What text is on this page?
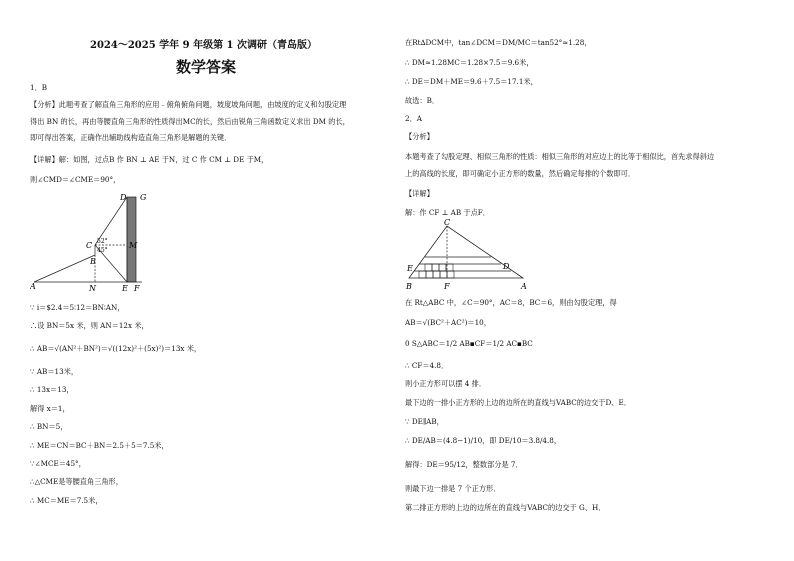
2024～2025 学年 9 年级第 1 次调研（青岛版）
数学答案
1．B
【分析】此题考查了解直角三角形的应用﹣俯角俯角问题，坡度坡角问题，由坡度的定义和勾股定理
得出 BN 的长，再由等腰直角三角形的性质得出MC的长，然后由锐角三角函数定义求出 DM 的长，
即可得出答案，正确作出辅助线构造直角三角形是解题的关键．
【详解】解：如图，过点B 作 BN ⊥ AE 于N，过 C 作 CM ⊥ DE 于M，
则∠CMD＝∠CME＝90°，
D G
C 52°
45°
M
B
A	N	E F
∵ i＝$2.4＝5∶12＝BN∶AN，
∴设 BN＝5x 米，则 AN＝12x 米，
∴ AB＝√(AN²＋BN²)＝√((12x)²＋(5x)²)＝13x 米，
∵ AB＝13米，
∴ 13x＝13，
解得 x＝1，
∴ BN＝5，
∴ ME＝CN＝BC＋BN＝2.5＋5＝7.5米，
∵∠MCE＝45°，
∴△CME是等腰直角三角形，
∴ MC＝ME＝7.5米，
在Rt∆DCM中，tan∠DCM＝DM/MC＝tan52°≈1.28，
∴ DM≈1.28MC＝1.28×7.5＝9.6米，
∴ DE＝DM＋ME＝9.6＋7.5＝17.1米，
故选：B．
2．A
【分析】
本题考查了勾股定理、相似三角形的性质：相似三角形的对应边上的比等于相似比，首先求得斜边
上的高线的长度，即可确定小正方形的数量，然后确定每排的个数即可．
【详解】
解：作 CF ⊥ AB 于点F．
C
E	D
B	F	A
在 Rt△ABC 中，∠C＝90°，AC＝8，BC＝6，则由勾股定理，得
AB＝√(BC²＋AC²)＝10，
0 S△ABC＝1/2 AB▪CF＝1/2 AC▪BC
∴ CF＝4.8．
则小正方形可以摆 4 排．
最下边的一排小正方形的上边的边所在的直线与VABC的边交于D、E．
∵ DE∥AB，
∴ DE/AB＝(4.8−1)/10，即 DE/10＝3.8/4.8，
解得：DE＝95/12，整数部分是 7．
则最下边一排是 7 个正方形．
第二排正方形的上边的边所在的直线与VABC的边交于 G、H．
